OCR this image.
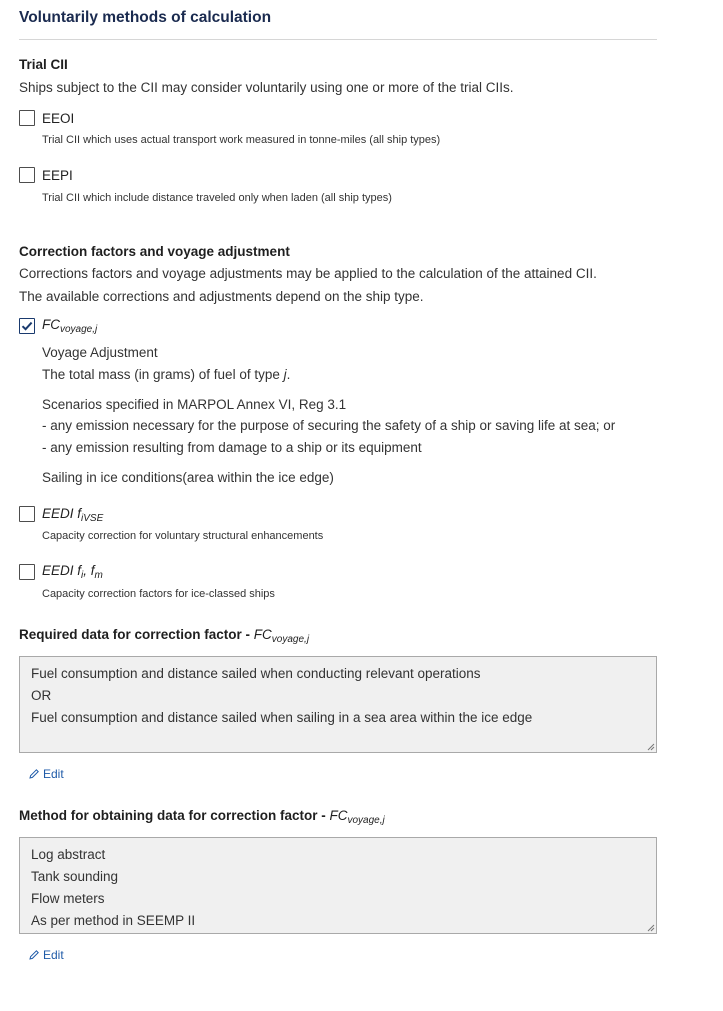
Voluntarily methods of calculation
Trial CII
Ships subject to the CII may consider voluntarily using one or more of the trial CIIs.
EEOI
Trial CII which uses actual transport work measured in tonne-miles (all ship types)
EEPI
Trial CII which include distance traveled only when laden (all ship types)
Correction factors and voyage adjustment
Corrections factors and voyage adjustments may be applied to the calculation of the attained CII.
The available corrections and adjustments depend on the ship type.
$FC_{voyage,j}$
Voyage Adjustment
The total mass (in grams) of fuel of type j.
Scenarios specified in MARPOL Annex VI, Reg 3.1
- any emission necessary for the purpose of securing the safety of a ship or saving life at sea; or
- any emission resulting from damage to a ship or its equipment
Sailing in ice conditions(area within the ice edge)
EEDI $f_{iVSE}$
Capacity correction for voluntary structural enhancements
EEDI $f_i$, $f_m$
Capacity correction factors for ice-classed ships
Required data for correction factor - $FC_{voyage,j}$
Fuel consumption and distance sailed when conducting relevant operations
OR
Fuel consumption and distance sailed when sailing in a sea area within the ice edge
Edit
Method for obtaining data for correction factor - $FC_{voyage,j}$
Log abstract
Tank sounding
Flow meters
As per method in SEEMP II
Edit
